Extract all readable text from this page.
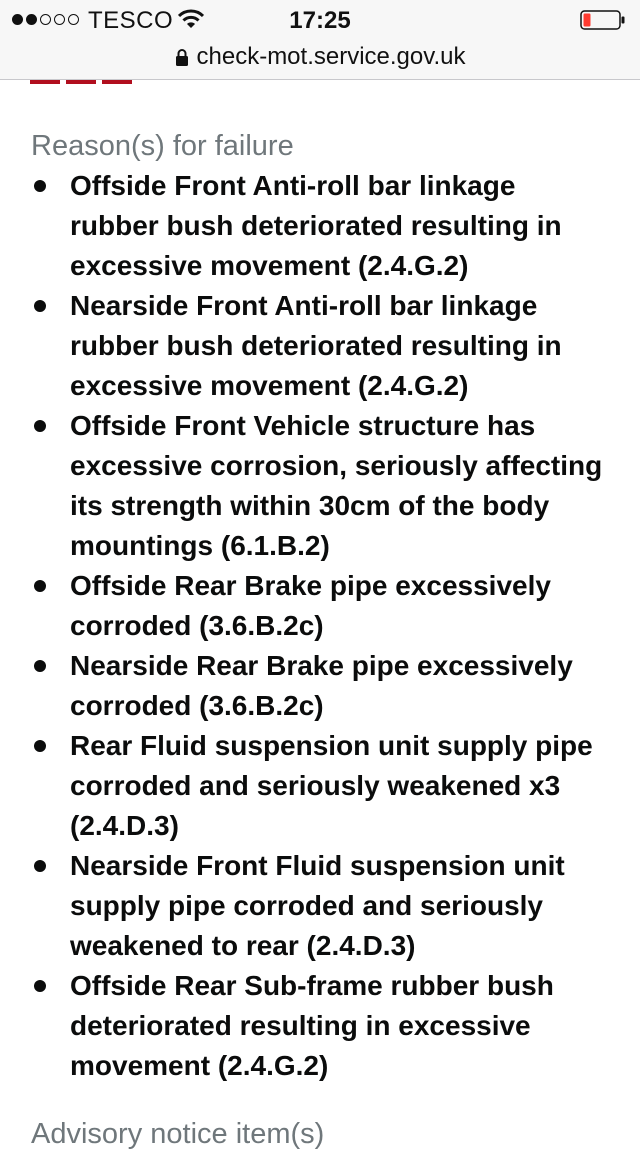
TESCO	17:25
check-mot.service.gov.uk
Reason(s) for failure
Offside Front Anti-roll bar linkage rubber bush deteriorated resulting in excessive movement (2.4.G.2)
Nearside Front Anti-roll bar linkage rubber bush deteriorated resulting in excessive movement (2.4.G.2)
Offside Front Vehicle structure has excessive corrosion, seriously affecting its strength within 30cm of the body mountings (6.1.B.2)
Offside Rear Brake pipe excessively corroded (3.6.B.2c)
Nearside Rear Brake pipe excessively corroded (3.6.B.2c)
Rear Fluid suspension unit supply pipe corroded and seriously weakened x3 (2.4.D.3)
Nearside Front Fluid suspension unit supply pipe corroded and seriously weakened to rear (2.4.D.3)
Offside Rear Sub-frame rubber bush deteriorated resulting in excessive movement (2.4.G.2)
Advisory notice item(s)
